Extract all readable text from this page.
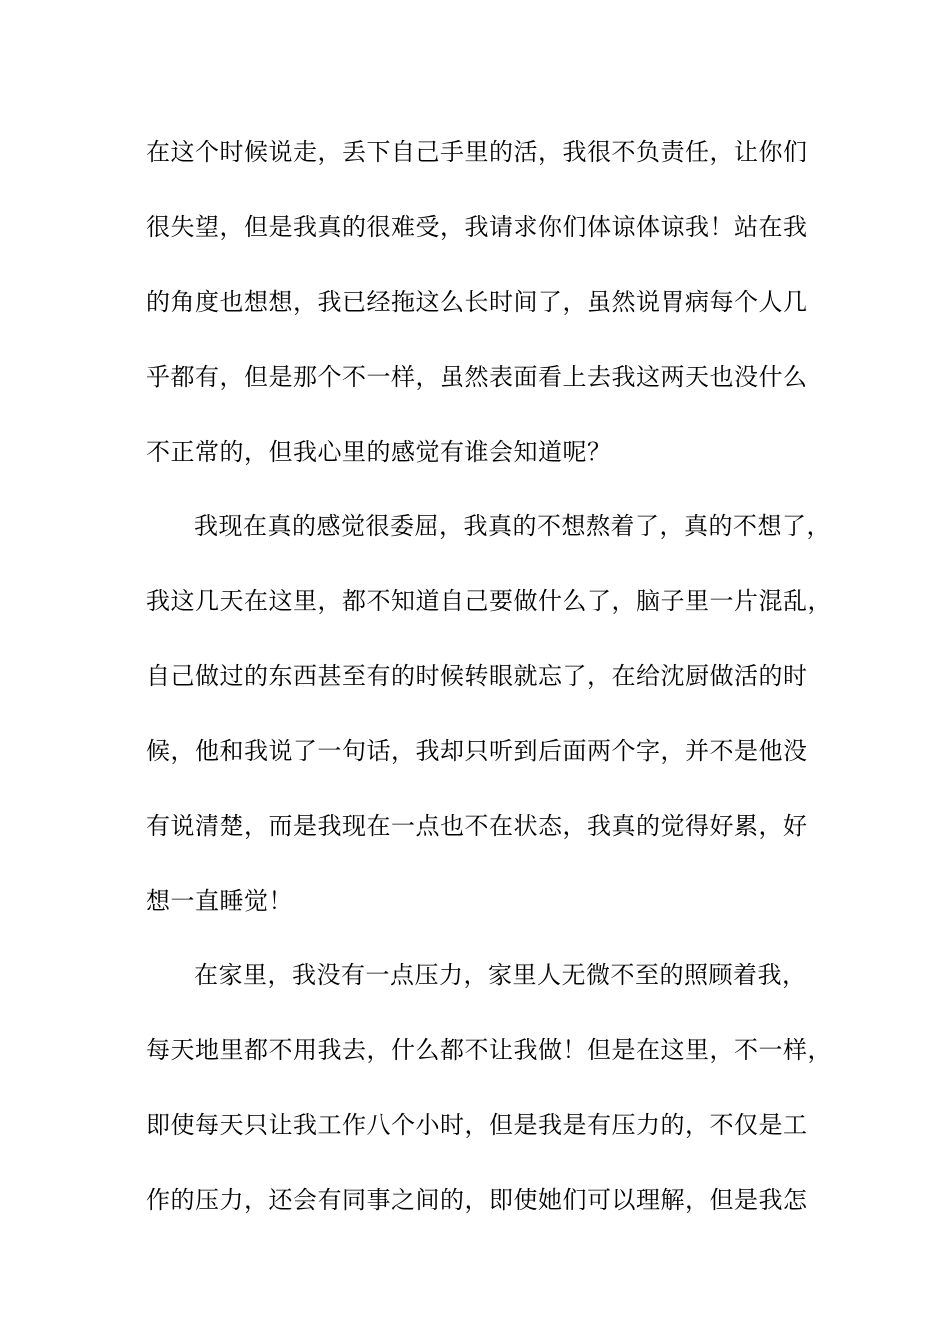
在这个时候说走，丢下自己手里的活，我很不负责任，让你们
很失望，但是我真的很难受，我请求你们体谅体谅我！站在我
的角度也想想，我已经拖这么长时间了，虽然说胃病每个人几
乎都有，但是那个不一样，虽然表面看上去我这两天也没什么
不正常的，但我心里的感觉有谁会知道呢？
我现在真的感觉很委屈，我真的不想熬着了，真的不想了，
我这几天在这里，都不知道自己要做什么了，脑子里一片混乱，
自己做过的东西甚至有的时候转眼就忘了，在给沈厨做活的时
候，他和我说了一句话，我却只听到后面两个字，并不是他没
有说清楚，而是我现在一点也不在状态，我真的觉得好累，好
想一直睡觉！
在家里，我没有一点压力，家里人无微不至的照顾着我，
每天地里都不用我去，什么都不让我做！但是在这里，不一样，
即使每天只让我工作八个小时，但是我是有压力的，不仅是工
作的压力，还会有同事之间的，即使她们可以理解，但是我怎
